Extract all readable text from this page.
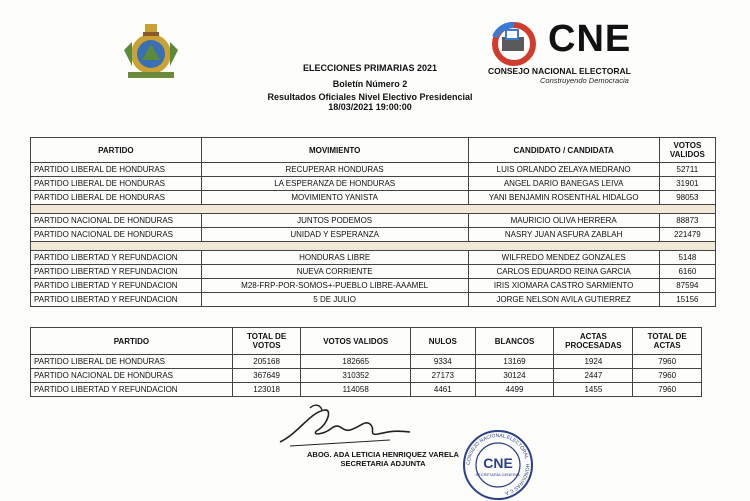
ELECCIONES PRIMARIAS 2021
Boletín Número 2
Resultados Oficiales Nivel Electivo Presidencial
18/03/2021 19:00:00
CNE
CONSEJO NACIONAL ELECTORAL
Construyendo Democracia
PARTIDO	MOVIMIENTO	CANDIDATO / CANDIDATA	VOTOS
VALIDOS

PARTIDO LIBERAL DE HONDURAS	RECUPERAR HONDURAS	LUIS ORLANDO ZELAYA MEDRANO	52711
PARTIDO LIBERAL DE HONDURAS	LA ESPERANZA DE HONDURAS	ANGEL DARIO BANEGAS LEIVA	31901
PARTIDO LIBERAL DE HONDURAS	MOVIMIENTO YANISTA	YANI BENJAMIN ROSENTHAL HIDALGO	98053

PARTIDO NACIONAL DE HONDURAS	JUNTOS PODEMOS	MAURICIO OLIVA HERRERA	88873
PARTIDO NACIONAL DE HONDURAS	UNIDAD Y ESPERANZA	NASRY JUAN ASFURA ZABLAH	221479

PARTIDO LIBERTAD Y REFUNDACION	HONDURAS LIBRE	WILFREDO MENDEZ GONZALES	5148
PARTIDO LIBERTAD Y REFUNDACION	NUEVA CORRIENTE	CARLOS EDUARDO REINA GARCIA	6160
PARTIDO LIBERTAD Y REFUNDACION	M28-FRP-POR-SOMOS+-PUEBLO LIBRE-AAAMEL	IRIS XIOMARA CASTRO SARMIENTO	87594
PARTIDO LIBERTAD Y REFUNDACION	5 DE JULIO	JORGE NELSON AVILA GUTIERREZ	15156
PARTIDO	TOTAL DE VOTOS	VOTOS VALIDOS	NULOS	BLANCOS	ACTAS PROCESADAS	TOTAL DE ACTAS
PARTIDO LIBERAL DE HONDURAS	205168	182665	9334	13169	1924	7960
PARTIDO NACIONAL DE HONDURAS	367649	310352	27173	30124	2447	7960
PARTIDO LIBERTAD Y REFUNDACION	123018	114058	4461	4499	1455	7960
ABOG. ADA LETICIA HENRIQUEZ VARELA
SECRETARIA ADJUNTA	CNE
SECRETARÍA GENERAL
CONSEJO NACIONAL ELECTORAL · HONDURAS C.A.
